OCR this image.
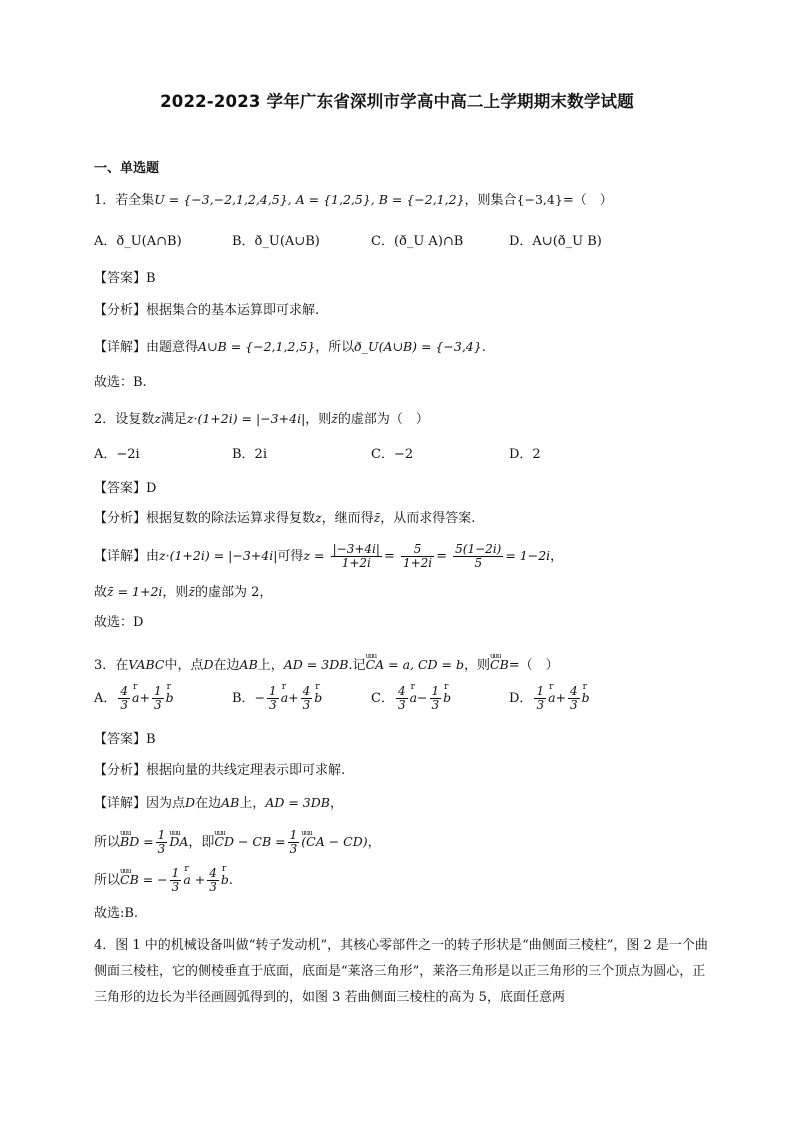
2022-2023 学年广东省深圳市学高中高二上学期期末数学试题
一、单选题
1．若全集U = {−3,−2,1,2,4,5}, A = {1,2,5}, B = {−2,1,2}，则集合{−3,4}=（　）
A．ð_U(A∩B)	B．ð_U(A∪B)	C．(ð_U A)∩B	D．A∪(ð_U B)
【答案】B
【分析】根据集合的基本运算即可求解.
【详解】由题意得A∪B = {−2,1,2,5}，所以ð_U(A∪B) = {−3,4}.
故选：B.
2．设复数z满足z·(1+2i) = |−3+4i|，则z̄的虚部为（　）
A．−2i	B．2i	C．−2	D．2
【答案】D
【分析】根据复数的除法运算求得复数z，继而得z̄，从而求得答案.
【详解】由z·(1+2i) = |−3+4i|可得$z = \frac{|-3+4i|}{1+2i} = \frac{5}{1+2i} = \frac{5(1-2i)}{5} = 1-2i$，
故z̄ = 1+2i，则z̄的虚部为 2，
故选：D
3．在VABC中，点D在边AB上，AD = 3DB.记uuu CA = a, CD = b，则uuu CB=（　）
A． $\frac{4}{3}$ r $a+ \frac{1}{3}$ r b	B．− $\frac{1}{3}$ r $a+ \frac{4}{3}$ r b	C． $\frac{4}{3}$ r $a- \frac{1}{3}$ r b	D． $\frac{1}{3}$ r $a+ \frac{4}{3}$ r b
【答案】B
【分析】根据向量的共线定理表示即可求解.
【详解】因为点D在边AB上，AD = 3DB，
所以uuu BD = $\frac{1}{3}$ uuu DA，即uuu CD − CB = $\frac{1}{3}$ uuu (CA − CD)，
所以uuu CB = − $\frac{1}{3}$ r $a + \frac{4}{3}$ r b.
故选:B.
4．图 1 中的机械设备叫做“转子发动机”，其核心零部件之一的转子形状是“曲侧面三棱柱”，图 2 是一个曲侧面三棱柱，它的侧棱垂直于底面，底面是“莱洛三角形”，莱洛三角形是以正三角形的三个顶点为圆心，正三角形的边长为半径画圆弧得到的，如图 3 若曲侧面三棱柱的高为 5，底面任意两
